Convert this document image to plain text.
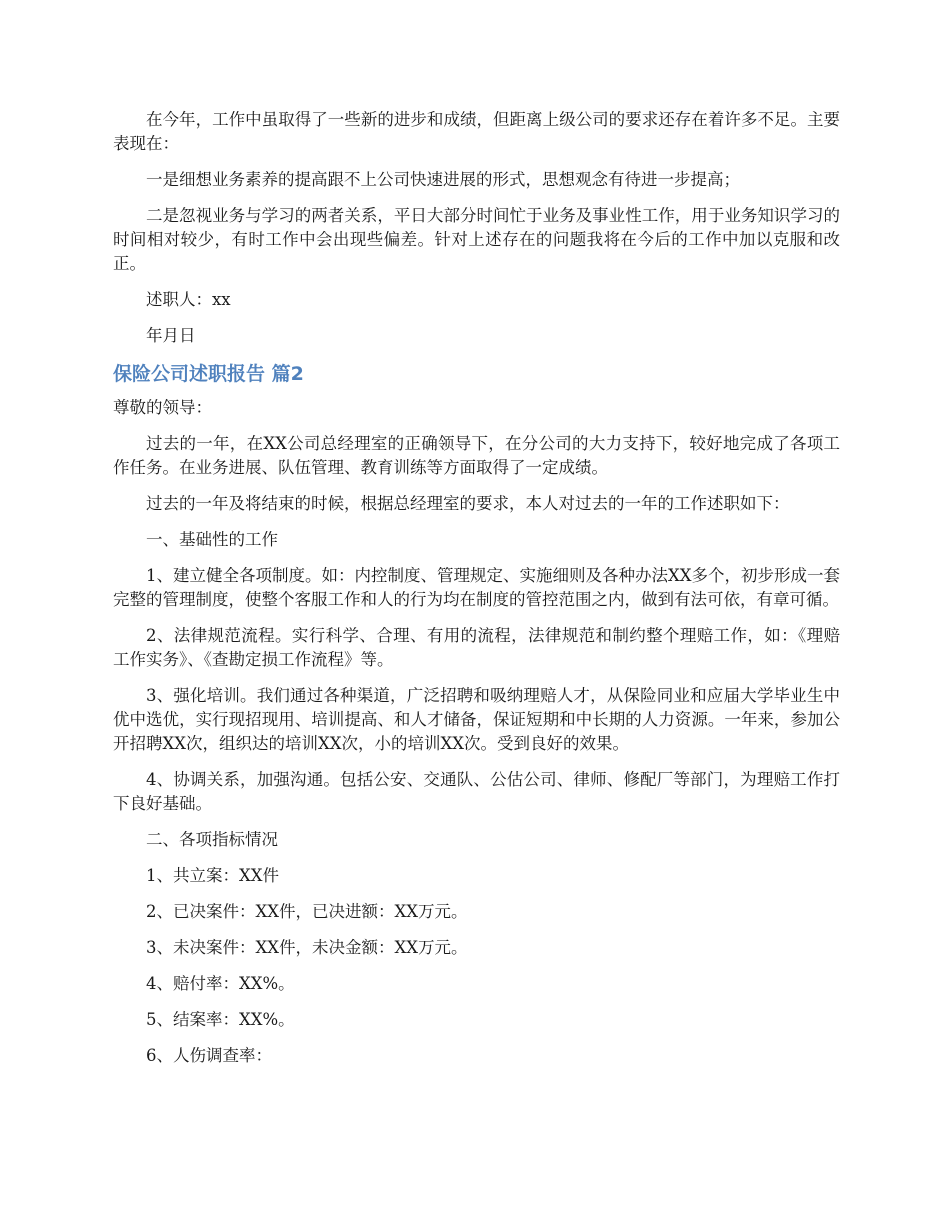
在今年，工作中虽取得了一些新的进步和成绩，但距离上级公司的要求还存在着许多不足。主要表现在：

一是细想业务素养的提高跟不上公司快速进展的形式，思想观念有待进一步提高；

二是忽视业务与学习的两者关系，平日大部分时间忙于业务及事业性工作，用于业务知识学习的时间相对较少，有时工作中会出现些偏差。针对上述存在的问题我将在今后的工作中加以克服和改正。

述职人：xx

年月日

保险公司述职报告 篇2

尊敬的领导：

过去的一年，在XX公司总经理室的正确领导下，在分公司的大力支持下，较好地完成了各项工作任务。在业务进展、队伍管理、教育训练等方面取得了一定成绩。

过去的一年及将结束的时候，根据总经理室的要求，本人对过去的一年的工作述职如下：

一、基础性的工作

1、建立健全各项制度。如：内控制度、管理规定、实施细则及各种办法XX多个，初步形成一套完整的管理制度，使整个客服工作和人的行为均在制度的管控范围之内，做到有法可依，有章可循。

2、法律规范流程。实行科学、合理、有用的流程，法律规范和制约整个理赔工作，如：《理赔工作实务》、《查勘定损工作流程》等。

3、强化培训。我们通过各种渠道，广泛招聘和吸纳理赔人才，从保险同业和应届大学毕业生中优中选优，实行现招现用、培训提高、和人才储备，保证短期和中长期的人力资源。一年来，参加公开招聘XX次，组织达的培训XX次，小的培训XX次。受到良好的效果。

4、协调关系，加强沟通。包括公安、交通队、公估公司、律师、修配厂等部门，为理赔工作打下良好基础。

二、各项指标情况

1、共立案：XX件

2、已决案件：XX件，已决进额：XX万元。

3、未决案件：XX件，未决金额：XX万元。

4、赔付率：XX%。

5、结案率：XX%。

6、人伤调查率：
